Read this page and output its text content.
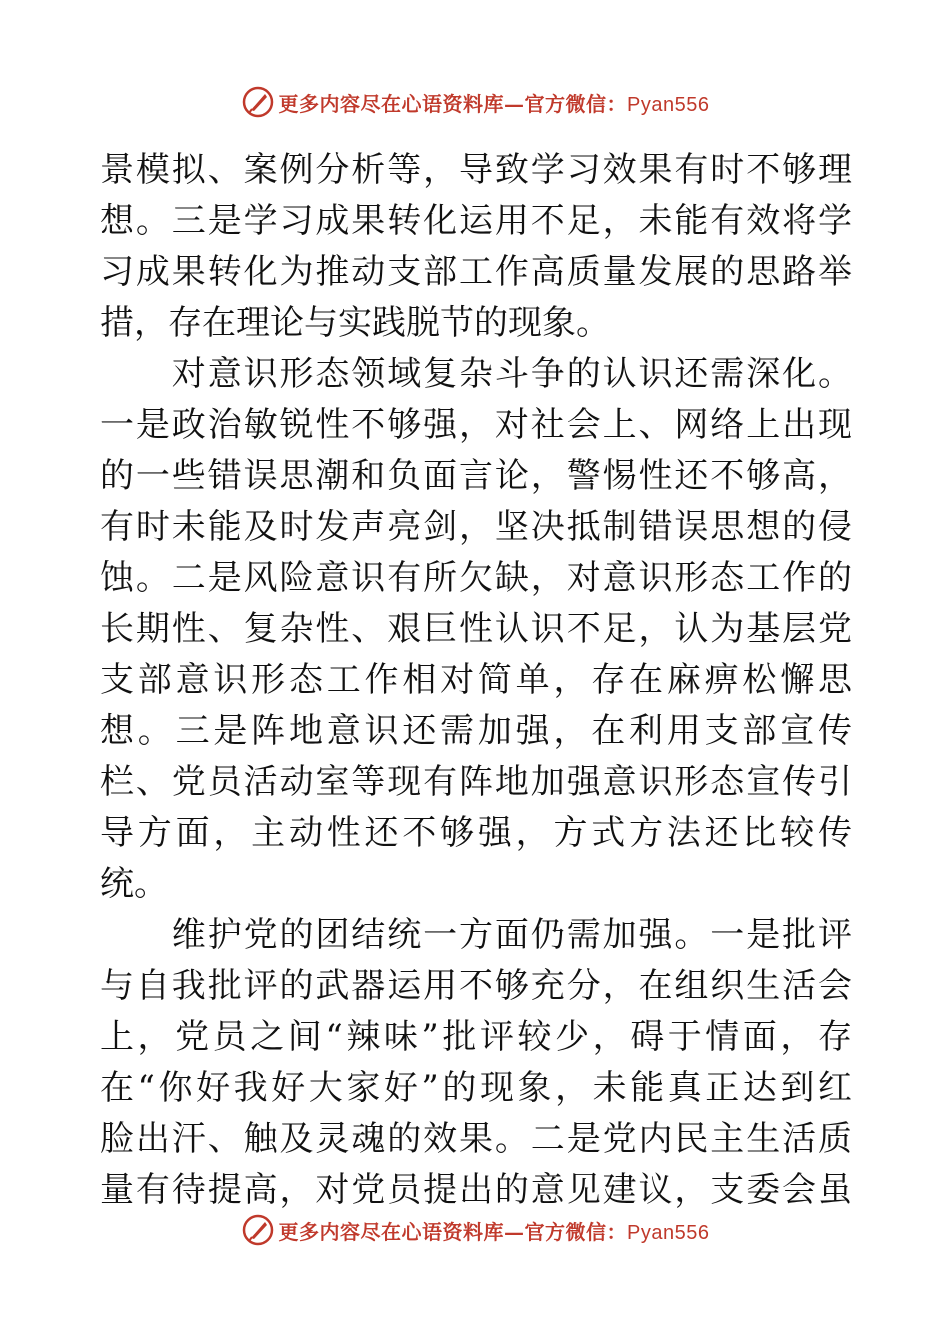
更多内容尽在心语资料库—官方微信：Pyan556
景模拟、案例分析等，导致学习效果有时不够理
想。三是学习成果转化运用不足，未能有效将学
习成果转化为推动支部工作高质量发展的思路举
措，存在理论与实践脱节的现象。
　　对意识形态领域复杂斗争的认识还需深化。
一是政治敏锐性不够强，对社会上、网络上出现
的一些错误思潮和负面言论，警惕性还不够高，
有时未能及时发声亮剑，坚决抵制错误思想的侵
蚀。二是风险意识有所欠缺，对意识形态工作的
长期性、复杂性、艰巨性认识不足，认为基层党
支部意识形态工作相对简单，存在麻痹松懈思
想。三是阵地意识还需加强，在利用支部宣传
栏、党员活动室等现有阵地加强意识形态宣传引
导方面，主动性还不够强，方式方法还比较传
统。
　　维护党的团结统一方面仍需加强。一是批评
与自我批评的武器运用不够充分，在组织生活会
上，党员之间“辣味”批评较少，碍于情面，存
在“你好我好大家好”的现象，未能真正达到红
脸出汗、触及灵魂的效果。二是党内民主生活质
量有待提高，对党员提出的意见建议，支委会虽
更多内容尽在心语资料库—官方微信：Pyan556
